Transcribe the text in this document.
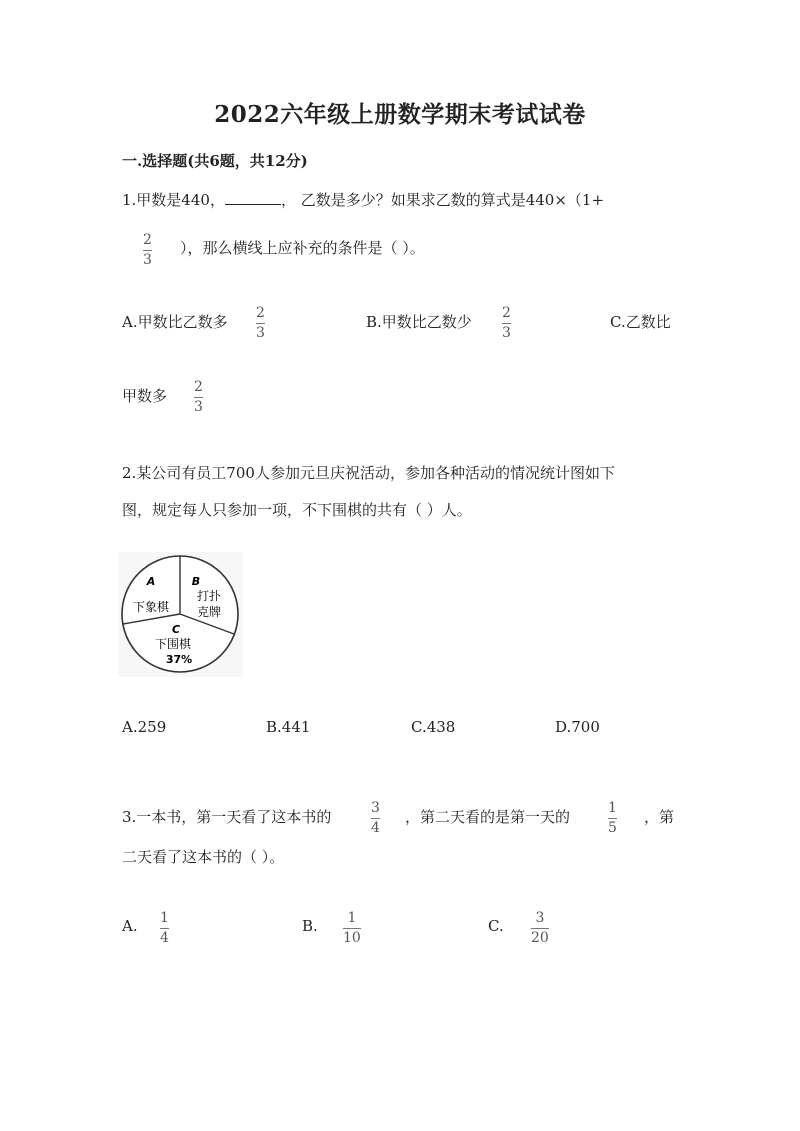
2022六年级上册数学期末考试试卷
一.选择题(共6题，共12分)
1.甲数是440，	， 乙数是多少？如果求乙数的算式是440×（1+
2
3
），那么横线上应补充的条件是（ ）。
A.甲数比乙数多 2
3
B.甲数比乙数少 2
3
C.乙数比
甲数多 2
3
2.某公司有员工700人参加元旦庆祝活动，参加各种活动的情况统计图如下
图，规定每人只参加一项，不下围棋的共有（ ）人。
A
下象棋
B
打扑
克牌
C
下围棋
37%
A.259	B.441	C.438	D.700
3.一本书，第一天看了这本书的	3
4
，第二天看的是第一天的	1
5
，第
二天看了这本书的（ ）。
A. 1
4
B. 1
10
C. 3
20
